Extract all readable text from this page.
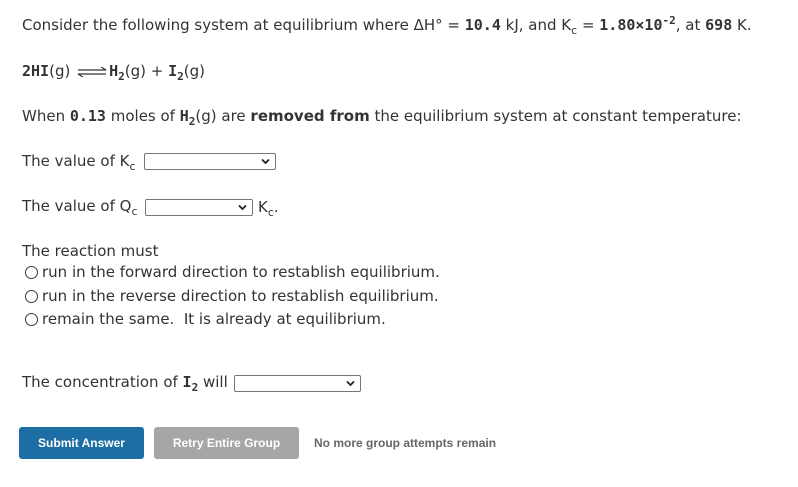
Consider the following system at equilibrium where ΔH° = 10.4 kJ, and $K_c = 1.80\times 10^{-2}$, at 698 K.
2HI(g) ⇌ $H_2(g) + I_2(g)$
When 0.13 moles of $H_2(g)$ are removed from the equilibrium system at constant temperature:
The value of $K_c$
The value of $Q_c$	$K_c$.
The reaction must
run in the forward direction to restablish equilibrium.
run in the reverse direction to restablish equilibrium.
remain the same.  It is already at equilibrium.
The concentration of $I_2$ will
Submit Answer	Retry Entire Group	No more group attempts remain
